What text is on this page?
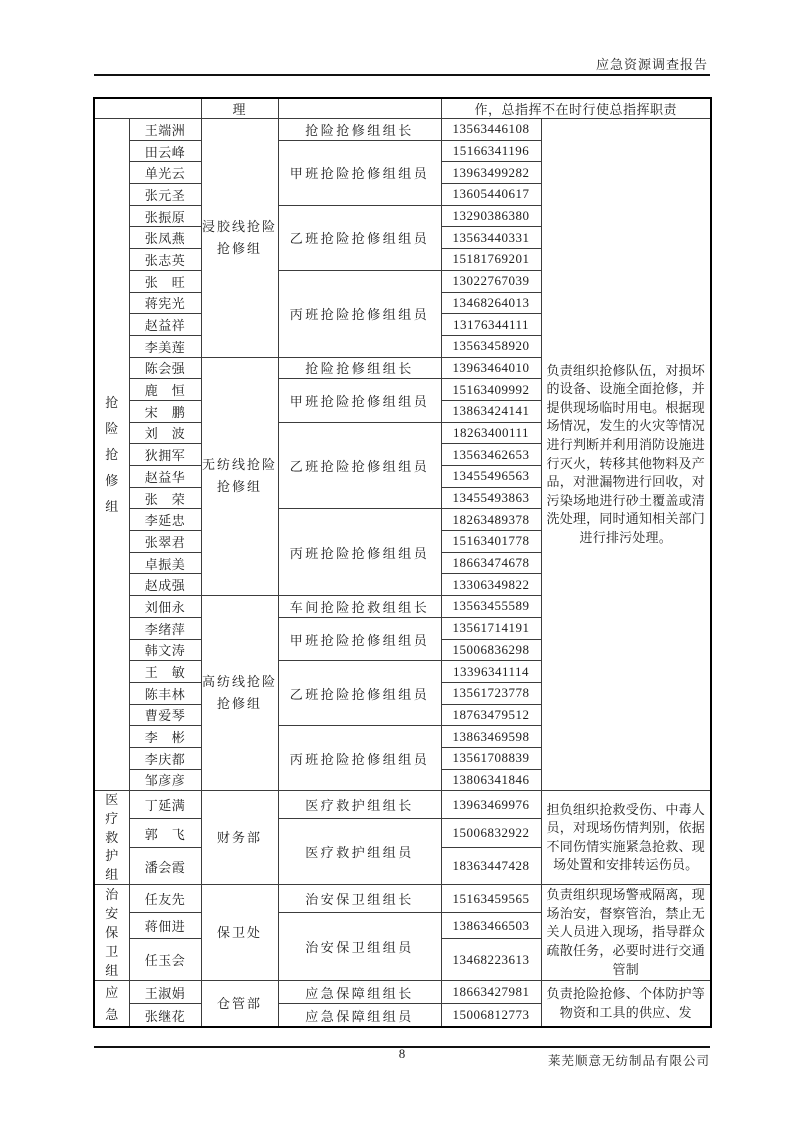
应急资源调查报告
		理		作，总指挥不在时行使总指挥职责	

抢险抢修组	王端洲	浸胶线抢险抢修组	抢险抢修组组长	13563446108	负责组织抢修队伍，对损坏的设备、设施全面抢修，并提供现场临时用电。根据现场情况，发生的火灾等情况进行判断并利用消防设施进行灭火，转移其他物料及产品，对泄漏物进行回收，对污染场地进行砂土覆盖或清洗处理，同时通知相关部门进行排污处理。
	田云峰		甲班抢险抢修组组员	15166341196	
	单光云			13963499282	
	张元圣			13605440617	
	张振原		乙班抢险抢修组组员	13290386380	
	张凤燕			13563440331	
	张志英			15181769201	
	张　旺		丙班抢险抢修组组员	13022767039	
	蒋宪光			13468264013	
	赵益祥			13176344111	
	李美莲			13563458920	
	陈会强	无纺线抢险抢修组	抢险抢修组组长	13963464010	
	鹿　恒		甲班抢险抢修组组员	15163409992	
	宋　鹏			13863424141	
	刘　波		乙班抢险抢修组组员	18263400111	
	狄拥军			13563462653	
	赵益华			13455496563	
	张　荣			13455493863	
	李延忠		丙班抢险抢修组组员	18263489378	
	张翠君			15163401778	
	卓振美			18663474678	
	赵成强			13306349822	
	刘佃永	高纺线抢险抢修组	车间抢险抢救组组长	13563455589	
	李绪萍		甲班抢险抢修组组员	13561714191	
	韩文涛			15006836298	
	王　敏		乙班抢险抢修组组员	13396341114	
	陈丰林			13561723778	
	曹爱琴			18763479512	
	李　彬		丙班抢险抢修组组员	13863469598	
	李庆都			13561708839	
	邹彦彦			13806341846	

医疗救护组	丁延满	财务部	医疗救护组组长	13963469976	担负组织抢救受伤、中毒人员，对现场伤情判别，依据不同伤情实施紧急抢救、现场处置和安排转运伤员。
	郭　飞		医疗救护组组员	15006832922	
	潘会霞			18363447428	

治安保卫组	任友先	保卫处	治安保卫组组长	15163459565	负责组织现场警戒隔离，现场治安，督察管治，禁止无关人员进入现场，指导群众疏散任务，必要时进行交通管制
	蒋佃进		治安保卫组组员	13863466503	
	任玉会			13468223613	

应急	王淑娟	仓管部	应急保障组组长	18663427981	负责抢险抢修、个体防护等物资和工具的供应、发
	张继花		应急保障组组员	15006812773	
8	莱芜顺意无纺制品有限公司
